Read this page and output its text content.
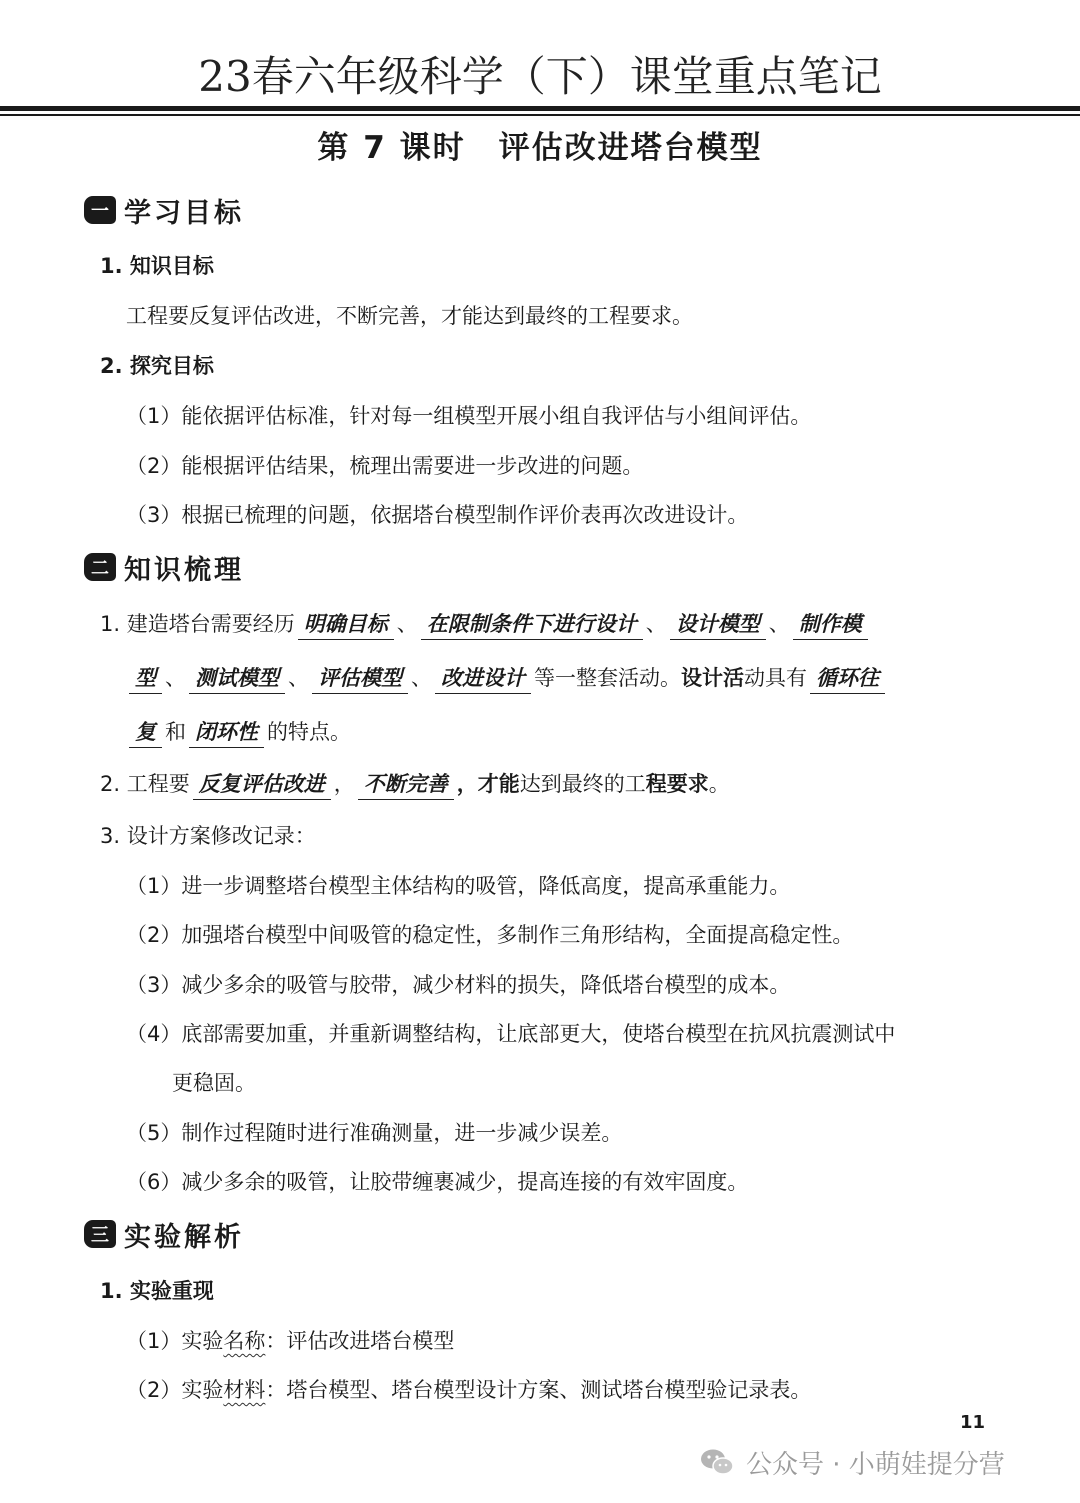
23春六年级科学（下）课堂重点笔记
第 7 课时　评估改进塔台模型
一 学习目标
1. 知识目标
工程要反复评估改进，不断完善，才能达到最终的工程要求。
2. 探究目标
（1）能依据评估标准，针对每一组模型开展小组自我评估与小组间评估。
（2）能根据评估结果，梳理出需要进一步改进的问题。
（3）根据已梳理的问题，依据塔台模型制作评价表再次改进设计。
二 知识梳理
1. 建造塔台需要经历 明确目标 、 在限制条件下进行设计 、 设计模型 、 制作模
型 、 测试模型 、 评估模型 、 改进设计 等一整套活动。设计活动具有 循环往
复 和 闭环性 的特点。
2. 工程要 反复评估改进 ， 不断完善 ，才能达到最终的工程要求。
3. 设计方案修改记录：
（1）进一步调整塔台模型主体结构的吸管，降低高度，提高承重能力。
（2）加强塔台模型中间吸管的稳定性，多制作三角形结构，全面提高稳定性。
（3）减少多余的吸管与胶带，减少材料的损失，降低塔台模型的成本。
（4）底部需要加重，并重新调整结构，让底部更大，使塔台模型在抗风抗震测试中
更稳固。
（5）制作过程随时进行准确测量，进一步减少误差。
（6）减少多余的吸管，让胶带缠裹减少，提高连接的有效牢固度。
三 实验解析
1. 实验重现
（1）实验名称：评估改进塔台模型
（2）实验材料：塔台模型、塔台模型设计方案、测试塔台模型验记录表。
11
公众号 · 小萌娃提分营
